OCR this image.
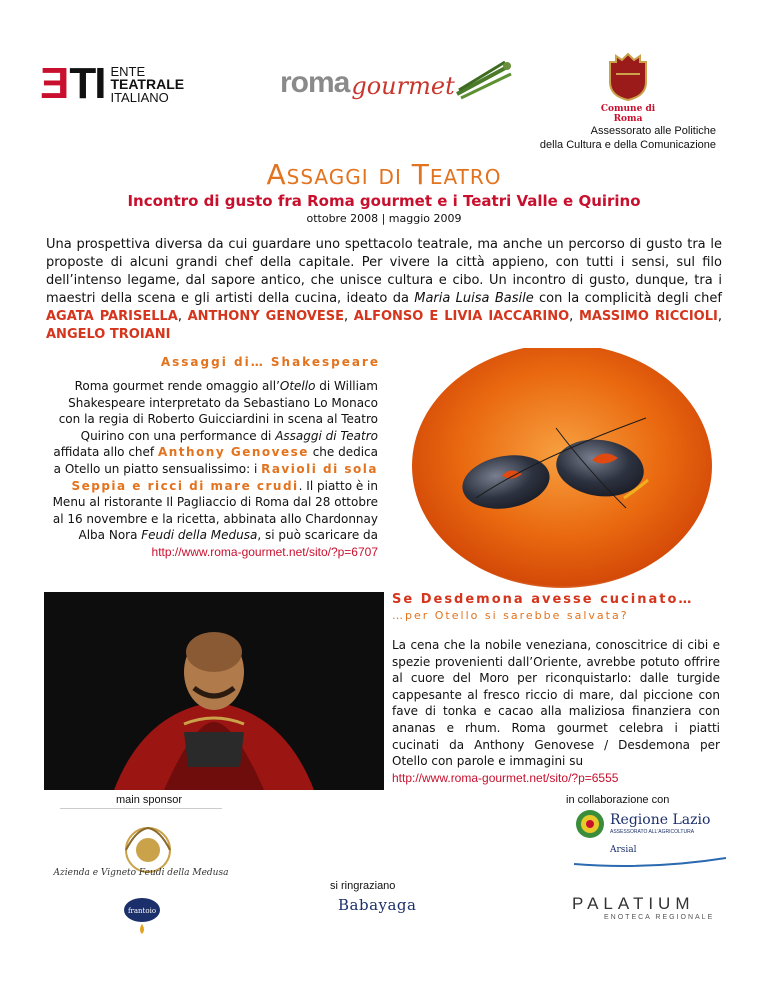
ETI ENTE
TEATRALE
ITALIANO	roma gourmet
Comune di Roma
Assessorato alle Politiche
della Cultura e della Comunicazione
Assaggi di Teatro
Incontro di gusto fra Roma gourmet e i Teatri Valle e Quirino
ottobre 2008 | maggio 2009
Una prospettiva diversa da cui guardare uno spettacolo teatrale, ma anche un percorso di gusto tra le proposte di alcuni grandi chef della capitale. Per vivere la città appieno, con tutti i sensi, sul filo dell’intenso legame, dal sapore antico, che unisce cultura e cibo. Un incontro di gusto, dunque, tra i maestri della scena e gli artisti della cucina, ideato da Maria Luisa Basile con la complicità degli chef AGATA PARISELLA, ANTHONY GENOVESE, ALFONSO E LIVIA IACCARINO, MASSIMO RICCIOLI, ANGELO TROIANI
Assaggi di… Shakespeare
Roma gourmet rende omaggio all’Otello di William Shakespeare interpretato da Sebastiano Lo Monaco con la regia di Roberto Guicciardini in scena al Teatro Quirino con una performance di Assaggi di Teatro affidata allo chef Anthony Genovese che dedica a Otello un piatto sensualissimo: i Ravioli di sola Seppia e ricci di mare crudi. Il piatto è in Menu al ristorante Il Pagliaccio di Roma dal 28 ottobre al 16 novembre e la ricetta, abbinata allo Chardonnay Alba Nora Feudi della Medusa, si può scaricare da
http://www.roma-gourmet.net/sito/?p=6707
Se Desdemona avesse cucinato…
…per Otello si sarebbe salvata?
La cena che la nobile veneziana, conoscitrice di cibi e spezie provenienti dall’Oriente, avrebbe potuto offrire al cuore del Moro per riconquistarlo: dalle turgide cappesante al fresco riccio di mare, dal piccione con fave di tonka e cacao alla maliziosa finanziera con ananas e rhum. Roma gourmet celebra i piatti cucinati da Anthony Genovese / Desdemona per Otello con parole e immagini su
http://www.roma-gourmet.net/sito/?p=6555
main sponsor	in collaborazione con
Azienda e Vigneto Feudi della Medusa
Regione Lazio
ASSESSORATO ALL'AGRICOLTURA
Arsial
si ringraziano
Babayaga
frantoio	PALATIUM
ENOTECA REGIONALE
